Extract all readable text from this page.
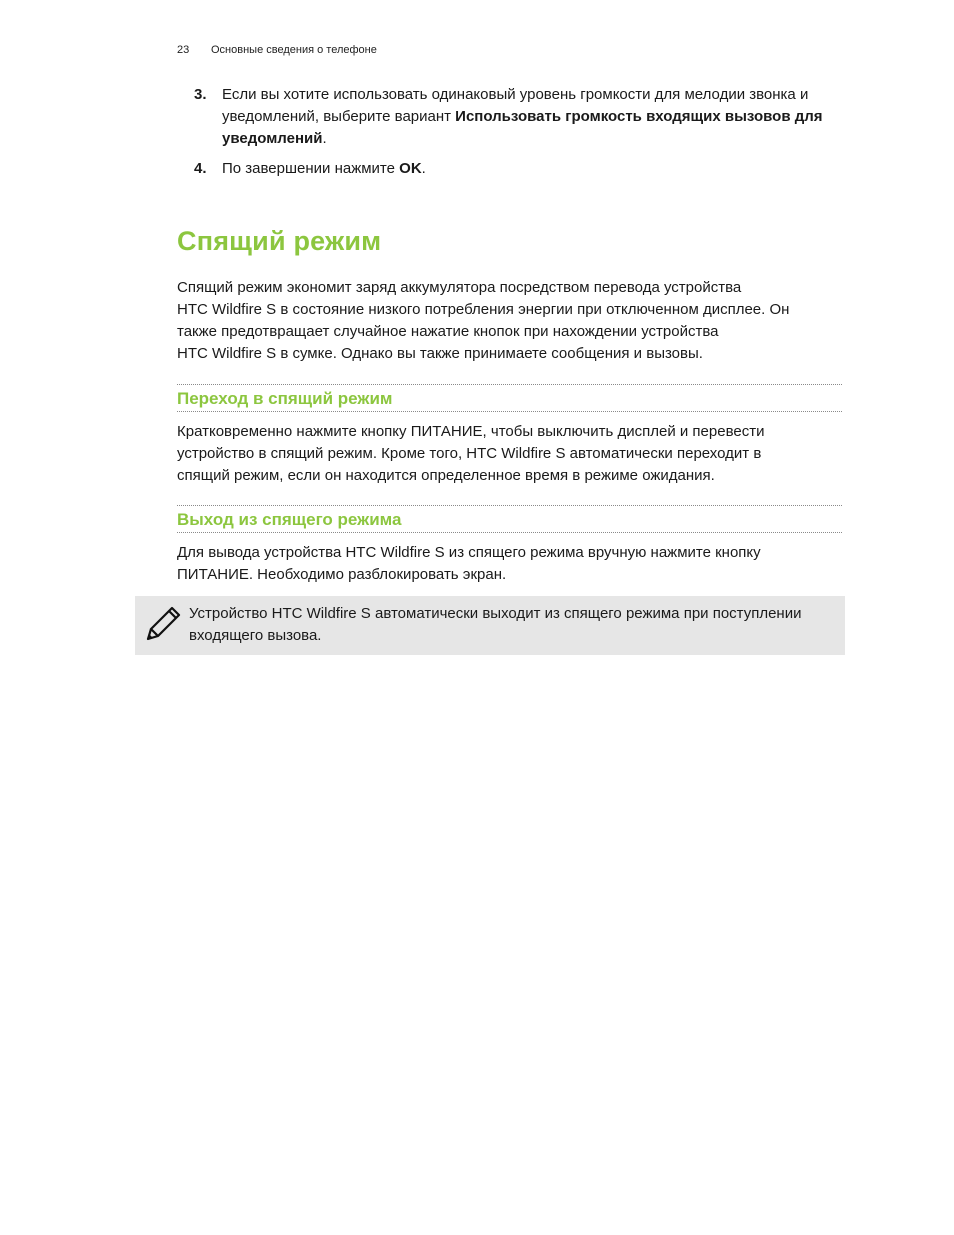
23 Основные сведения о телефоне
3. Если вы хотите использовать одинаковый уровень громкости для мелодии звонка и уведомлений, выберите вариант Использовать громкость входящих вызовов для уведомлений.
4. По завершении нажмите OK.
Спящий режим

Спящий режим экономит заряд аккумулятора посредством перевода устройства
HTC Wildfire S в состояние низкого потребления энергии при отключенном дисплее. Он
также предотвращает случайное нажатие кнопок при нахождении устройства
HTC Wildfire S в сумке. Однако вы также принимаете сообщения и вызовы.

Переход в спящий режим

Кратковременно нажмите кнопку ПИТАНИЕ, чтобы выключить дисплей и перевести
устройство в спящий режим. Кроме того, HTC Wildfire S автоматически переходит в
спящий режим, если он находится определенное время в режиме ожидания.

Выход из спящего режима

Для вывода устройства HTC Wildfire S из спящего режима вручную нажмите кнопку
ПИТАНИЕ. Необходимо разблокировать экран.

Устройство HTC Wildfire S автоматически выходит из спящего режима при поступлении
входящего вызова.
